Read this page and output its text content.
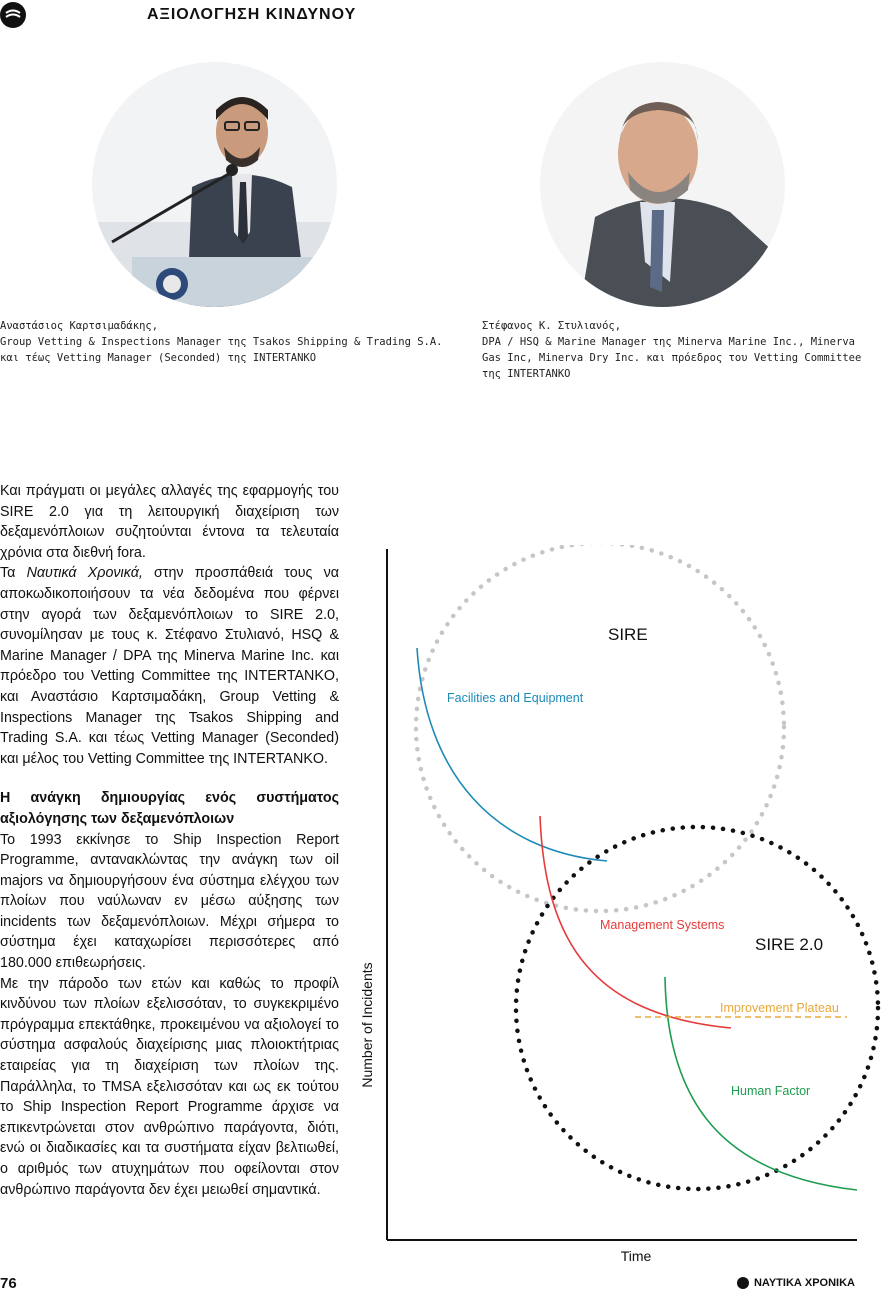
ΑΞΙΟΛΟΓΗΣΗ ΚΙΝΔΥΝΟΥ
Αναστάσιος Καρτσιμαδάκης,
Group Vetting & Inspections Manager της Tsakos Shipping & Trading S.A.
και τέως Vetting Manager (Seconded) της INTERTANKO
Στέφανος Κ. Στυλιανός,
DPA / HSQ & Marine Manager της Minerva Marine Inc., Minerva
Gas Inc, Minerva Dry Inc. και πρόεδρος του Vetting Committee
της INTERTANKO

Και πράγματι οι μεγάλες αλλαγές της εφαρμογής του SIRE 2.0 για τη λειτουργική διαχείριση των δεξαμενόπλοιων συζητούνται έντονα τα τελευταία χρόνια στα διεθνή fora.

Τα Ναυτικά Χρονικά, στην προσπάθειά τους να αποκωδικοποιήσουν τα νέα δεδομένα που φέρνει στην αγορά των δεξαμενόπλοιων το SIRE 2.0, συνομίλησαν με τους κ. Στέφανο Στυλιανό, HSQ & Marine Manager / DPA της Minerva Marine Inc. και πρόεδρο του Vetting Committee της INTERTANKO, και Αναστάσιο Καρτσιμαδάκη, Group Vetting & Inspections Manager της Tsakos Shipping and Trading S.A. και τέως Vetting Manager (Seconded) και μέλος του Vetting Committee της INTERTANKO.

Η ανάγκη δημιουργίας ενός συστήματος αξιολόγησης των δεξαμενόπλοιων

Το 1993 εκκίνησε το Ship Inspection Report Programme, αντανακλώντας την ανάγκη των oil majors να δημιουργήσουν ένα σύστημα ελέγχου των πλοίων που ναύλωναν εν μέσω αύξησης των incidents των δεξαμενόπλοιων. Μέχρι σήμερα το σύστημα έχει καταχωρίσει περισσότερες από 180.000 επιθεωρήσεις.

Με την πάροδο των ετών και καθώς το προφίλ κινδύνου των πλοίων εξελισσόταν, το συγκεκριμένο πρόγραμμα επεκτάθηκε, προκειμένου να αξιολογεί το σύστημα ασφαλούς διαχείρισης μιας πλοιοκτήτριας εταιρείας για τη διαχείριση των πλοίων της. Παράλληλα, το TMSA εξελισσόταν και ως εκ τούτου το Ship Inspection Report Programme άρχισε να επικεντρώνεται στον ανθρώπινο παράγοντα, διότι, ενώ οι διαδικασίες και τα συστήματα είχαν βελτιωθεί, ο αριθμός των ατυχημάτων που οφείλονται στον ανθρώπινο παράγοντα δεν έχει μειωθεί σημαντικά.

Number of Incidents
Time
SIRE
SIRE 2.0
Facilities and Equipment
Management Systems
Improvement Plateau
Human Factor
76	ΝΑΥΤΙΚΑ ΧΡΟΝΙΚΑ
